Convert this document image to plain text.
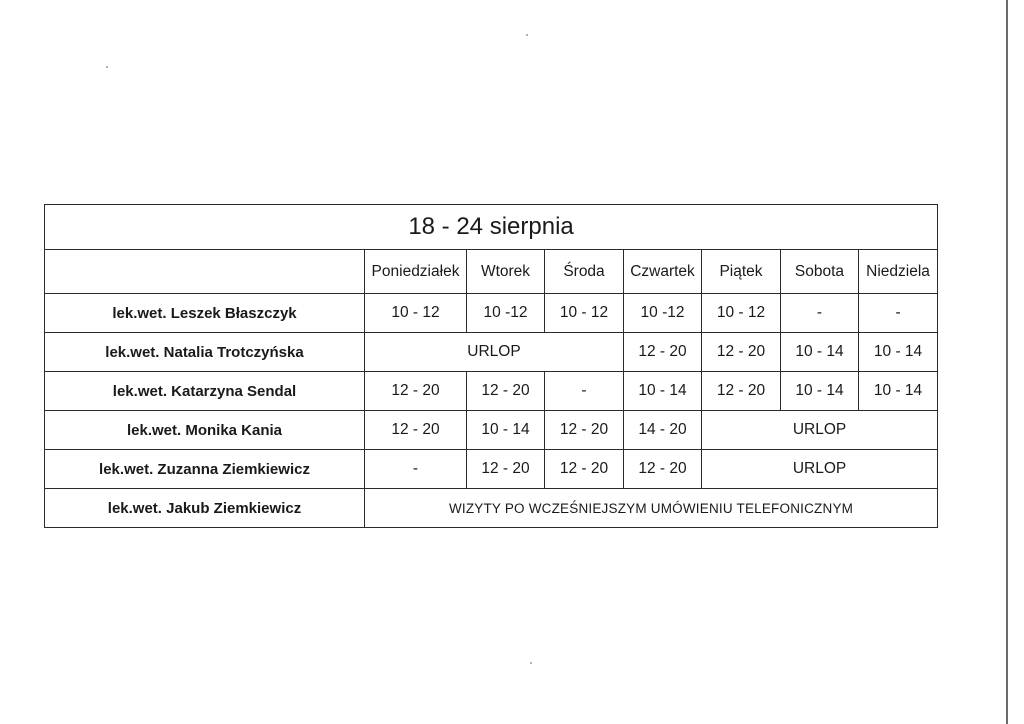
18 - 24 sierpnia							
	Poniedziałek	Wtorek	Środa	Czwartek	Piątek	Sobota	Niedziela
lek.wet. Leszek Błaszczyk	10 - 12	10 -12	10 - 12	10 -12	10 - 12	-	-
lek.wet. Natalia Trotczyńska	URLOP			12 - 20	12 - 20	10 - 14	10 - 14
lek.wet. Katarzyna Sendal	12 - 20	12 - 20	-	10 - 14	12 - 20	10 - 14	10 - 14
lek.wet. Monika Kania	12 - 20	10 - 14	12 - 20	14 - 20	URLOP		
lek.wet. Zuzanna Ziemkiewicz	-	12 - 20	12 - 20	12 - 20	URLOP		
lek.wet. Jakub Ziemkiewicz	WIZYTY PO WCZEŚNIEJSZYM UMÓWIENIU TELEFONICZNYM						
